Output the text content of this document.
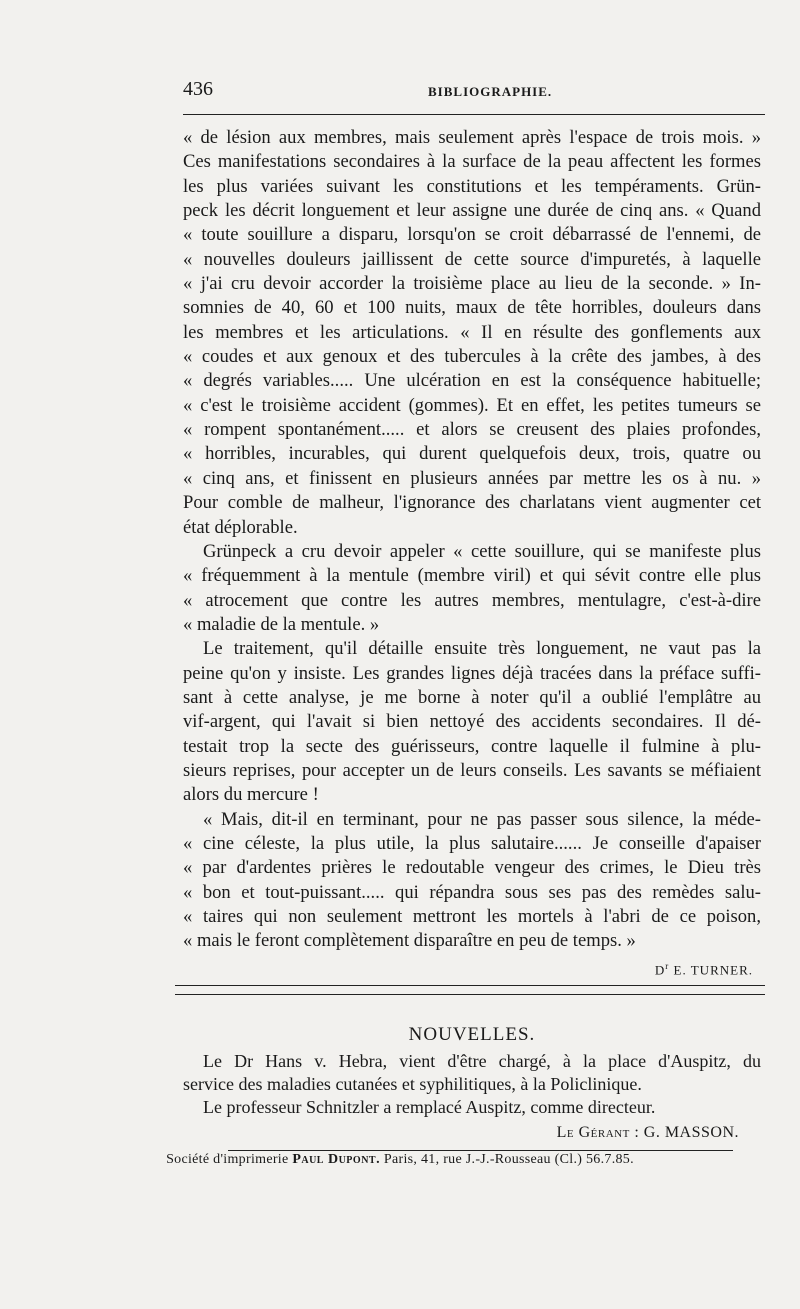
436	BIBLIOGRAPHIE.
« de lésion aux membres, mais seulement après l'espace de trois mois. »
Ces manifestations secondaires à la surface de la peau affectent les formes
les plus variées suivant les constitutions et les tempéraments. Grün-
peck les décrit longuement et leur assigne une durée de cinq ans. « Quand
« toute souillure a disparu, lorsqu'on se croit débarrassé de l'ennemi, de
« nouvelles douleurs jaillissent de cette source d'impuretés, à laquelle
« j'ai cru devoir accorder la troisième place au lieu de la seconde. » In-
somnies de 40, 60 et 100 nuits, maux de tête horribles, douleurs dans
les membres et les articulations. « Il en résulte des gonflements aux
« coudes et aux genoux et des tubercules à la crête des jambes, à des
« degrés variables..... Une ulcération en est la conséquence habituelle;
« c'est le troisième accident (gommes). Et en effet, les petites tumeurs se
« rompent spontanément..... et alors se creusent des plaies profondes,
« horribles, incurables, qui durent quelquefois deux, trois, quatre ou
« cinq ans, et finissent en plusieurs années par mettre les os à nu. »
Pour comble de malheur, l'ignorance des charlatans vient augmenter cet
état déplorable.
Grünpeck a cru devoir appeler « cette souillure, qui se manifeste plus
« fréquemment à la mentule (membre viril) et qui sévit contre elle plus
« atrocement que contre les autres membres, mentulagre, c'est-à-dire
« maladie de la mentule. »
Le traitement, qu'il détaille ensuite très longuement, ne vaut pas la
peine qu'on y insiste. Les grandes lignes déjà tracées dans la préface suffi-
sant à cette analyse, je me borne à noter qu'il a oublié l'emplâtre au
vif-argent, qui l'avait si bien nettoyé des accidents secondaires. Il dé-
testait trop la secte des guérisseurs, contre laquelle il fulmine à plu-
sieurs reprises, pour accepter un de leurs conseils. Les savants se méfiaient
alors du mercure !
« Mais, dit-il en terminant, pour ne pas passer sous silence, la méde-
« cine céleste, la plus utile, la plus salutaire...... Je conseille d'apaiser
« par d'ardentes prières le redoutable vengeur des crimes, le Dieu très
« bon et tout-puissant..... qui répandra sous ses pas des remèdes salu-
« taires qui non seulement mettront les mortels à l'abri de ce poison,
« mais le feront complètement disparaître en peu de temps. »
$D^r$ E. TURNER.
NOUVELLES.
Le Dr Hans v. Hebra, vient d'être chargé, à la place d'Auspitz, du
service des maladies cutanées et syphilitiques, à la Policlinique.
Le professeur Schnitzler a remplacé Auspitz, comme directeur.
Le Gérant : G. MASSON.
Société d'imprimerie Paul Dupont. Paris, 41, rue J.-J.-Rousseau (Cl.) 56.7.85.
